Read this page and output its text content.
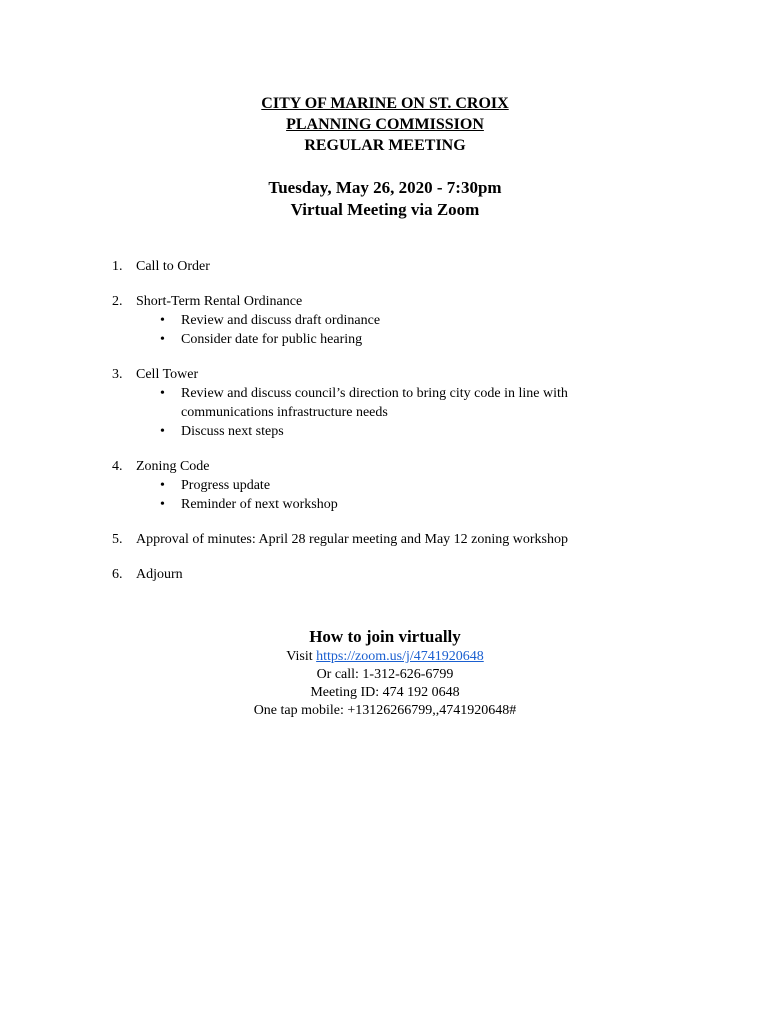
CITY OF MARINE ON ST. CROIX
PLANNING COMMISSION
REGULAR MEETING
Tuesday, May 26, 2020 - 7:30pm
Virtual Meeting via Zoom
1. Call to Order
2. Short-Term Rental Ordinance
• Review and discuss draft ordinance
• Consider date for public hearing
3. Cell Tower
• Review and discuss council’s direction to bring city code in line with communications infrastructure needs
• Discuss next steps
4. Zoning Code
• Progress update
• Reminder of next workshop
5. Approval of minutes: April 28 regular meeting and May 12 zoning workshop
6. Adjourn
How to join virtually
Visit https://zoom.us/j/4741920648
Or call: 1-312-626-6799
Meeting ID: 474 192 0648
One tap mobile: +13126266799,,4741920648#
